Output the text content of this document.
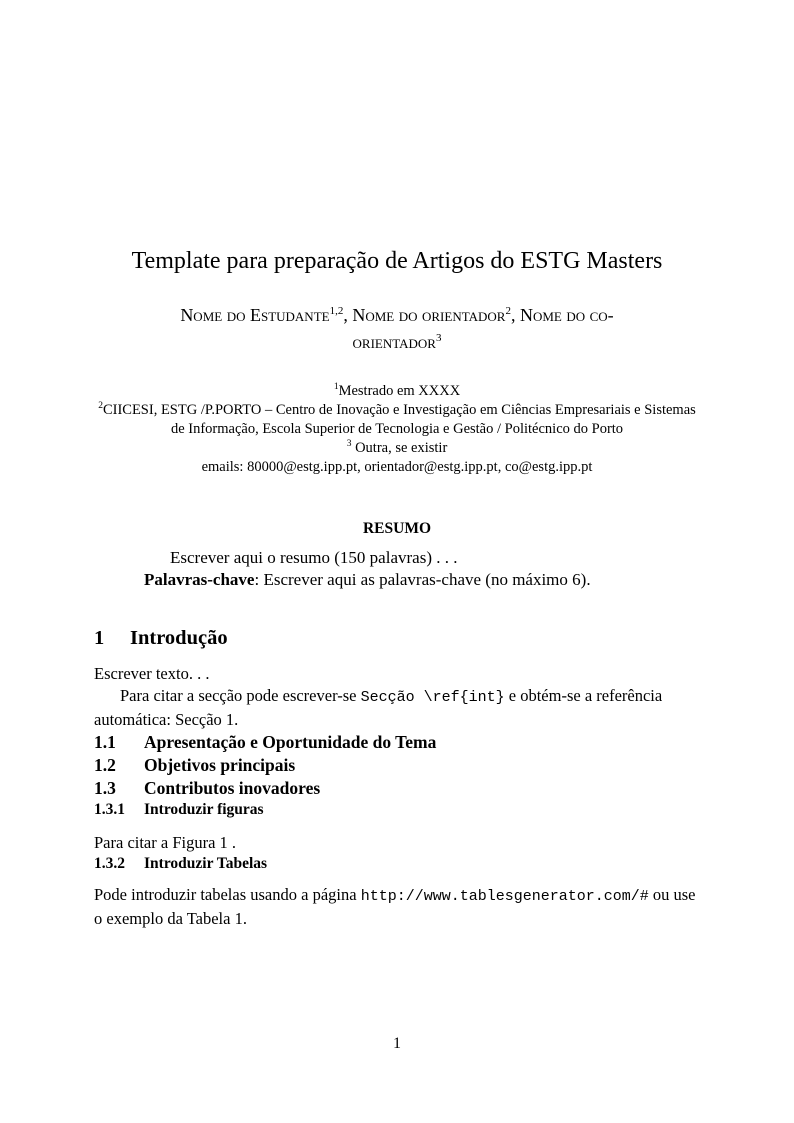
Template para preparação de Artigos do ESTG Masters
Nome do Estudante$^{1,2}$, Nome do orientador$^2$, Nome do co-orientador$^3$
$^1$Mestrado em XXXX
$^2$CIICESI, ESTG /P.PORTO – Centro de Inovação e Investigação em Ciências Empresariais e Sistemas de Informação, Escola Superior de Tecnologia e Gestão / Politécnico do Porto
$^3$ Outra, se existir
emails: 80000@estg.ipp.pt, orientador@estg.ipp.pt, co@estg.ipp.pt
RESUMO

Escrever aqui o resumo (150 palavras) . . .

Palavras-chave: Escrever aqui as palavras-chave (no máximo 6).

1 Introdução

Escrever texto. . .

Para citar a secção pode escrever-se Secção \ref{int} e obtém-se a referência automática: Secção 1.

1.1 Apresentação e Oportunidade do Tema
1.2 Objetivos principais
1.3 Contributos inovadores
1.3.1 Introduzir figuras

Para citar a Figura 1 .

1.3.2 Introduzir Tabelas

Pode introduzir tabelas usando a página http://www.tablesgenerator.com/# ou use o exemplo da Tabela 1.

1
